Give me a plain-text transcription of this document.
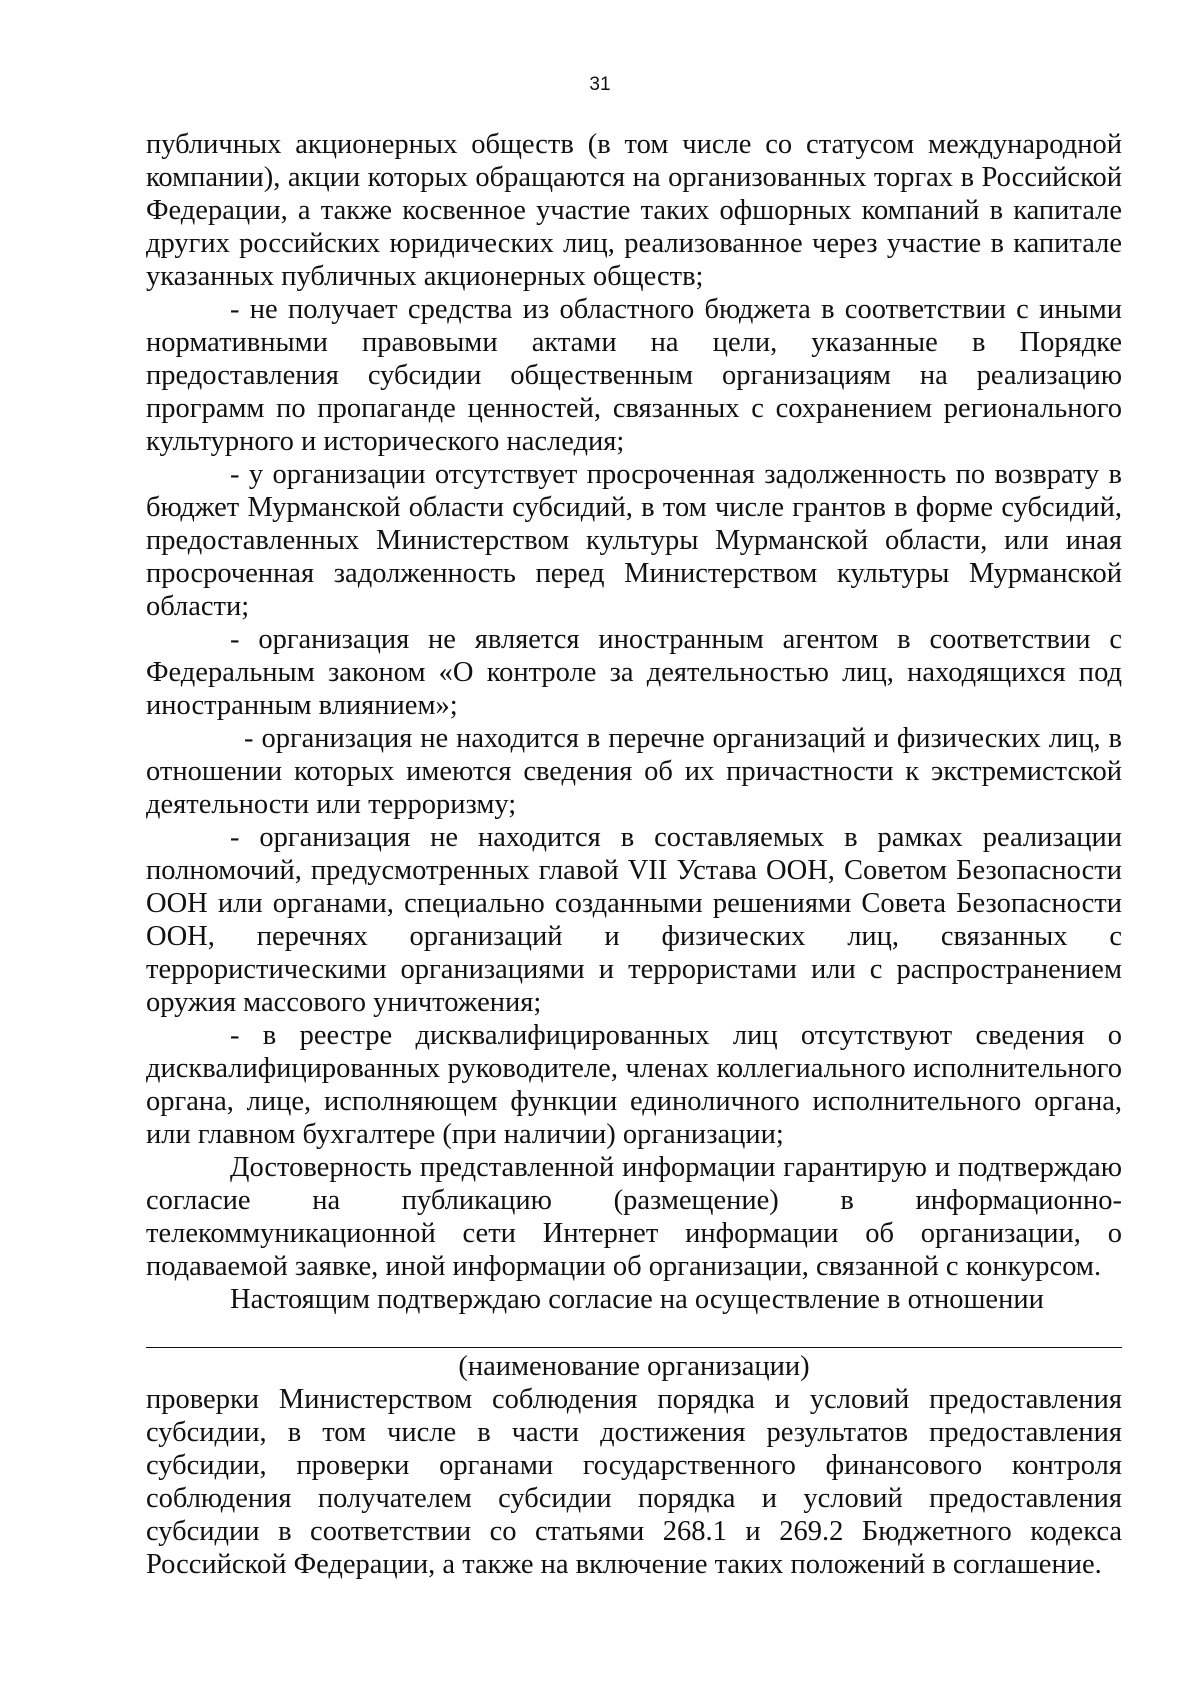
31

публичных акционерных обществ (в том числе со статусом международной компании), акции которых обращаются на организованных торгах в Российской Федерации, а также косвенное участие таких офшорных компаний в капитале других российских юридических лиц, реализованное через участие в капитале указанных публичных акционерных обществ;

- не получает средства из областного бюджета в соответствии с иными нормативными правовыми актами на цели, указанные в Порядке предоставления субсидии общественным организациям на реализацию программ по пропаганде ценностей, связанных с сохранением регионального культурного и исторического наследия;

- у организации отсутствует просроченная задолженность по возврату в бюджет Мурманской области субсидий, в том числе грантов в форме субсидий, предоставленных Министерством культуры Мурманской области, или иная просроченная задолженность перед Министерством культуры Мурманской области;

- организация не является иностранным агентом в соответствии с Федеральным законом «О контроле за деятельностью лиц, находящихся под иностранным влиянием»;

- организация не находится в перечне организаций и физических лиц, в отношении которых имеются сведения об их причастности к экстремистской деятельности или терроризму;

- организация не находится в составляемых в рамках реализации полномочий, предусмотренных главой VII Устава ООН, Советом Безопасности ООН или органами, специально созданными решениями Совета Безопасности ООН, перечнях организаций и физических лиц, связанных с террористическими организациями и террористами или с распространением оружия массового уничтожения;

- в реестре дисквалифицированных лиц отсутствуют сведения о дисквалифицированных руководителе, членах коллегиального исполнительного органа, лице, исполняющем функции единоличного исполнительного органа, или главном бухгалтере (при наличии) организации;

Достоверность представленной информации гарантирую и подтверждаю согласие на публикацию (размещение) в информационно-телекоммуникационной сети Интернет информации об организации, о подаваемой заявке, иной информации об организации, связанной с конкурсом.

Настоящим подтверждаю согласие на осуществление в отношении

(наименование организации)

проверки Министерством соблюдения порядка и условий предоставления субсидии, в том числе в части достижения результатов предоставления субсидии, проверки органами государственного финансового контроля соблюдения получателем субсидии порядка и условий предоставления субсидии в соответствии со статьями 268.1 и 269.2 Бюджетного кодекса Российской Федерации, а также на включение таких положений в соглашение.
